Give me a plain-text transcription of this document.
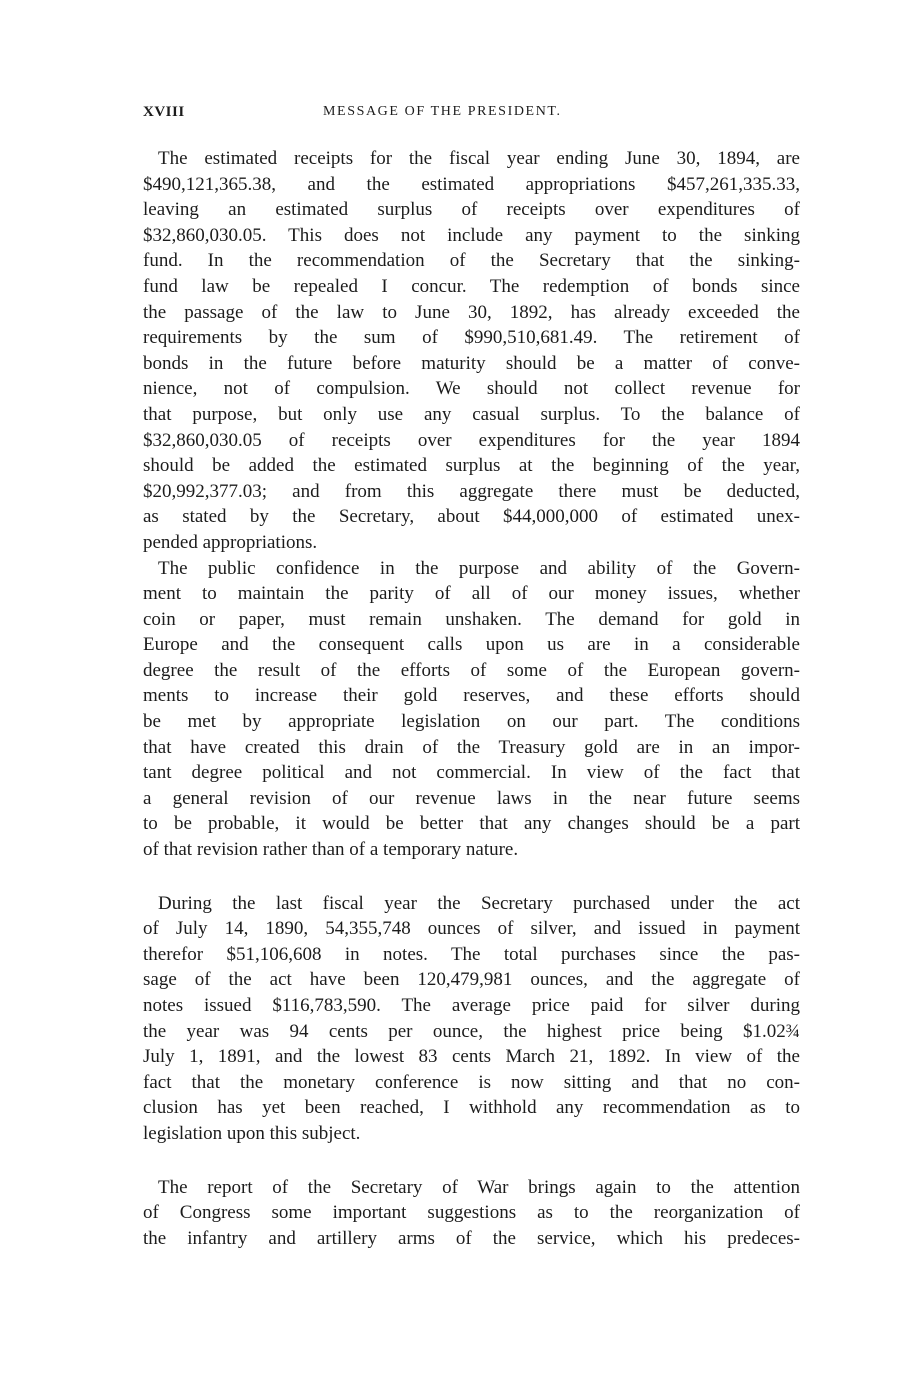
XVIII	MESSAGE OF THE PRESIDENT.

The estimated receipts for the fiscal year ending June 30, 1894, are
$490,121,365.38, and the estimated appropriations $457,261,335.33,
leaving an estimated surplus of receipts over expenditures of
$32,860,030.05. This does not include any payment to the sinking
fund. In the recommendation of the Secretary that the sinking-
fund law be repealed I concur. The redemption of bonds since
the passage of the law to June 30, 1892, has already exceeded the
requirements by the sum of $990,510,681.49. The retirement of
bonds in the future before maturity should be a matter of conve-
nience, not of compulsion. We should not collect revenue for
that purpose, but only use any casual surplus. To the balance of
$32,860,030.05 of receipts over expenditures for the year 1894
should be added the estimated surplus at the beginning of the year,
$20,992,377.03; and from this aggregate there must be deducted,
as stated by the Secretary, about $44,000,000 of estimated unex-
pended appropriations.

The public confidence in the purpose and ability of the Govern-
ment to maintain the parity of all of our money issues, whether
coin or paper, must remain unshaken. The demand for gold in
Europe and the consequent calls upon us are in a considerable
degree the result of the efforts of some of the European govern-
ments to increase their gold reserves, and these efforts should
be met by appropriate legislation on our part. The conditions
that have created this drain of the Treasury gold are in an impor-
tant degree political and not commercial. In view of the fact that
a general revision of our revenue laws in the near future seems
to be probable, it would be better that any changes should be a part
of that revision rather than of a temporary nature.

During the last fiscal year the Secretary purchased under the act
of July 14, 1890, 54,355,748 ounces of silver, and issued in payment
therefor $51,106,608 in notes. The total purchases since the pas-
sage of the act have been 120,479,981 ounces, and the aggregate of
notes issued $116,783,590. The average price paid for silver during
the year was 94 cents per ounce, the highest price being $1.02¾
July 1, 1891, and the lowest 83 cents March 21, 1892. In view of the
fact that the monetary conference is now sitting and that no con-
clusion has yet been reached, I withhold any recommendation as to
legislation upon this subject.

The report of the Secretary of War brings again to the attention
of Congress some important suggestions as to the reorganization of
the infantry and artillery arms of the service, which his predeces-
